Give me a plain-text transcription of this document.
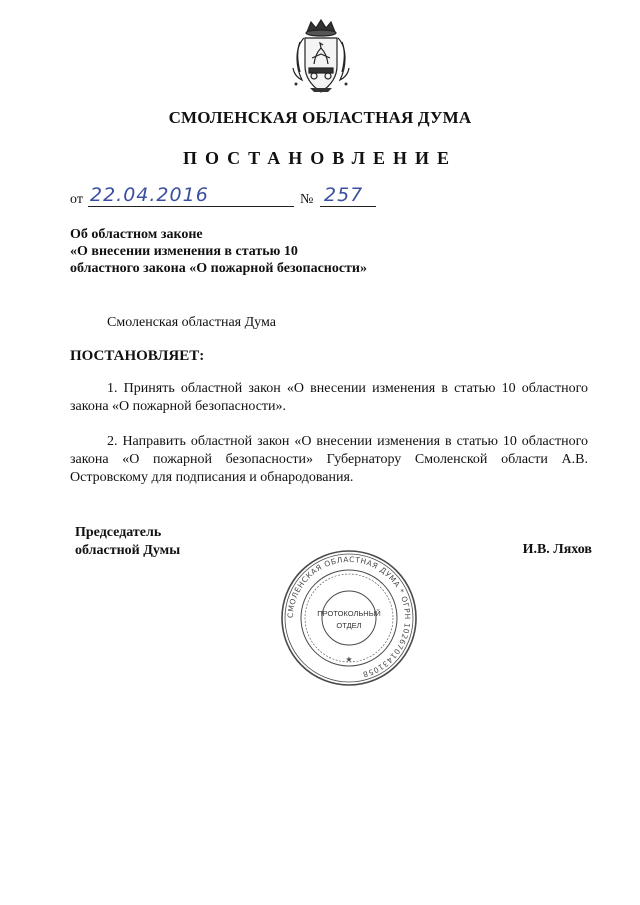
СМОЛЕНСКАЯ ОБЛАСТНАЯ ДУМА
ПОСТАНОВЛЕНИЕ
от 22.04.2016	№ 257
Об областном законе
«О внесении изменения в статью 10
областного закона «О пожарной безопасности»
Смоленская областная Дума
ПОСТАНОВЛЯЕТ:
1. Принять областной закон «О внесении изменения в статью 10 областного закона «О пожарной безопасности».
2. Направить областной закон «О внесении изменения в статью 10 областного закона «О пожарной безопасности» Губернатору Смоленской области А.В. Островскому для подписания и обнародования.
Председатель
областной Думы	И.В. Ляхов
СМОЛЕНСКАЯ ОБЛАСТНАЯ ДУМА * ОГРН 1026701431058
★
ПРОТОКОЛЬНЫЙ
ОТДЕЛ
